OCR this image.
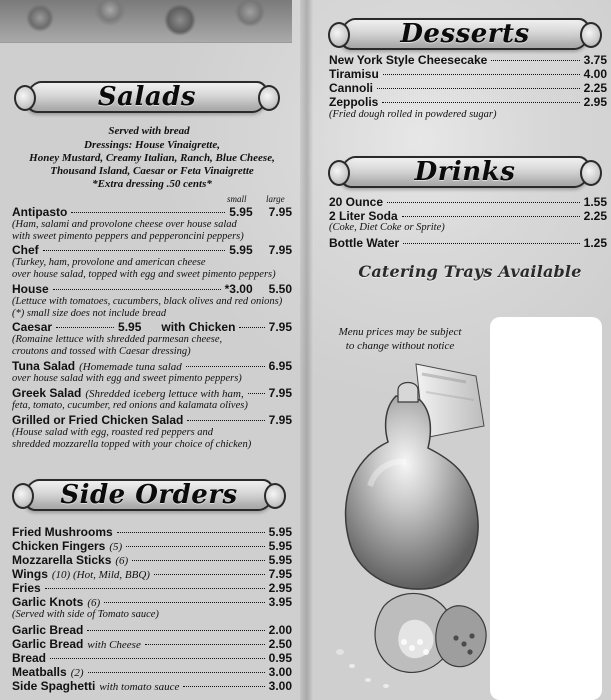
Salads
Served with bread
Dressings: House Vinaigrette,
Honey Mustard, Creamy Italian, Ranch, Blue Cheese,
Thousand Island, Caesar or Feta Vinaigrette
*Extra dressing .50 cents*
small large
Antipasto	5.95 7.95
(Ham, salami and provolone cheese over house salad
with sweet pimento peppers and pepperoncini peppers)
Chef	5.95 7.95
(Turkey, ham, provolone and american cheese
over house salad, topped with egg and sweet pimento peppers)
House	*3.00 5.50
(Lettuce with tomatoes, cucumbers, black olives and red onions)
(*) small size does not include bread
Caesar	5.95 with Chicken	7.95
(Romaine lettuce with shredded parmesan cheese,
croutons and tossed with Caesar dressing)
Tuna Salad (Homemade tuna salad	6.95
over house salad with egg and sweet pimento peppers)
Greek Salad (Shredded iceberg lettuce with ham, 7.95
feta, tomato, cucumber, red onions and kalamata olives)
Grilled or Fried Chicken Salad	7.95
(House salad with egg, roasted red peppers and
shredded mozzarella topped with your choice of chicken)
Side Orders
Fried Mushrooms	5.95
Chicken Fingers (5)	5.95
Mozzarella Sticks (6)	5.95
Wings (10) (Hot, Mild, BBQ)	7.95
Fries	2.95
Garlic Knots (6)	3.95
(Served with side of Tomato sauce)
Garlic Bread	2.00
Garlic Bread with Cheese	2.50
Bread	0.95
Meatballs (2)	3.00
Side Spaghetti with tomato sauce	3.00
Desserts
New York Style Cheesecake	3.75
Tiramisu	4.00
Cannoli	2.25
Zeppolis	2.95
(Fried dough rolled in powdered sugar)
Drinks
20 Ounce	1.55
2 Liter Soda	2.25
(Coke, Diet Coke or Sprite)
Bottle Water	1.25
Catering Trays Available
Menu prices may be subject
to change without notice
